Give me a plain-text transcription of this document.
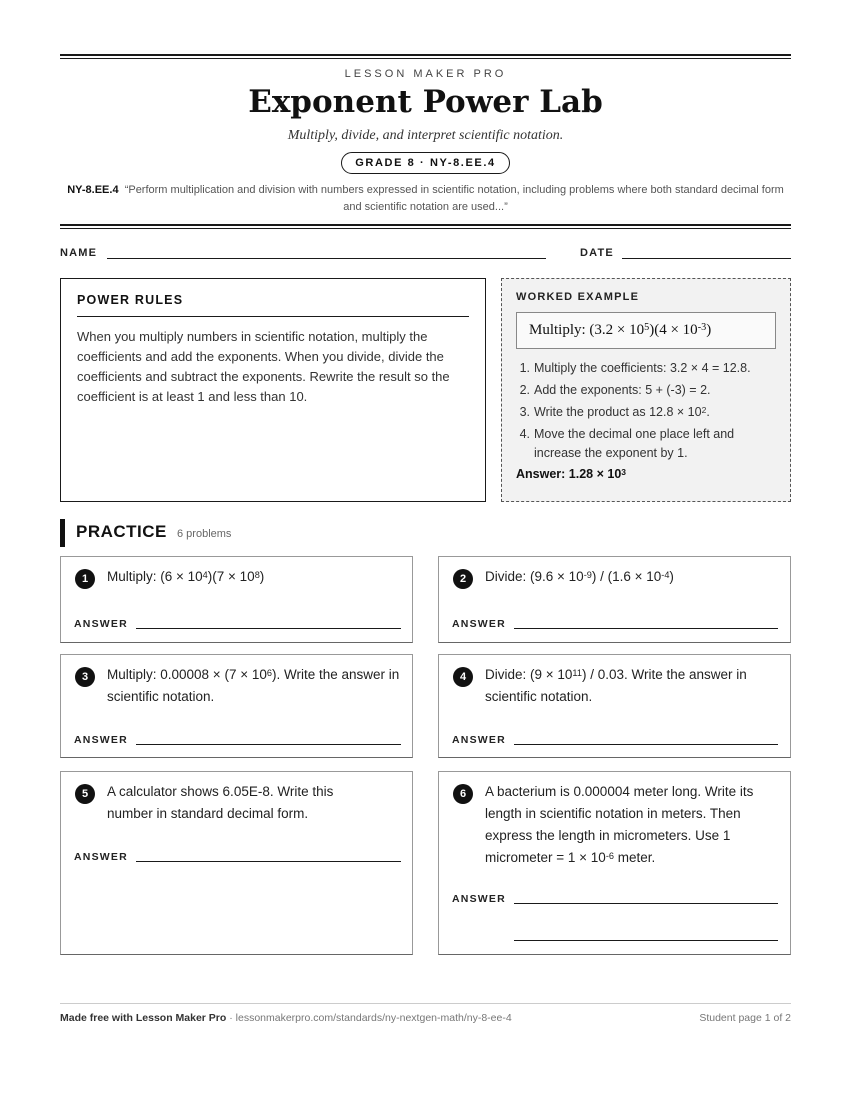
LESSON MAKER PRO
Exponent Power Lab
Multiply, divide, and interpret scientific notation.
GRADE 8 · NY-8.EE.4
NY-8.EE.4 “Perform multiplication and division with numbers expressed in scientific notation, including problems where both standard decimal form and scientific notation are used...”
NAME	DATE
POWER RULES
When you multiply numbers in scientific notation, multiply the coefficients and add the exponents. When you divide, divide the coefficients and subtract the exponents. Rewrite the result so the coefficient is at least 1 and less than 10.
WORKED EXAMPLE
Multiply: $(3.2 \times 10^5)(4 \times 10^{-3})$
1. Multiply the coefficients: 3.2 × 4 = 12.8.
2. Add the exponents: 5 + (-3) = 2.
3. Write the product as $12.8 \times 10^2$.
4. Move the decimal one place left and increase the exponent by 1.
Answer: $1.28 \times 10^3$
PRACTICE 6 problems
1	Multiply: $(6 \times 10^4)(7 \times 10^8)$
ANSWER
2	Divide: $(9.6 \times 10^{-9}) / (1.6 \times 10^{-4})$
ANSWER
3	Multiply: $0.00008 \times (7 \times 10^6)$. Write the answer in scientific notation.
ANSWER
4	Divide: $(9 \times 10^{11}) / 0.03$. Write the answer in scientific notation.
ANSWER
5	A calculator shows 6.05E-8. Write this number in standard decimal form.
ANSWER
6	A bacterium is 0.000004 meter long. Write its length in scientific notation in meters. Then express the length in micrometers. Use 1 micrometer = $1 \times 10^{-6}$ meter.
ANSWER
Made free with Lesson Maker Pro · lessonmakerpro.com/standards/ny-nextgen-math/ny-8-ee-4	Student page 1 of 2
